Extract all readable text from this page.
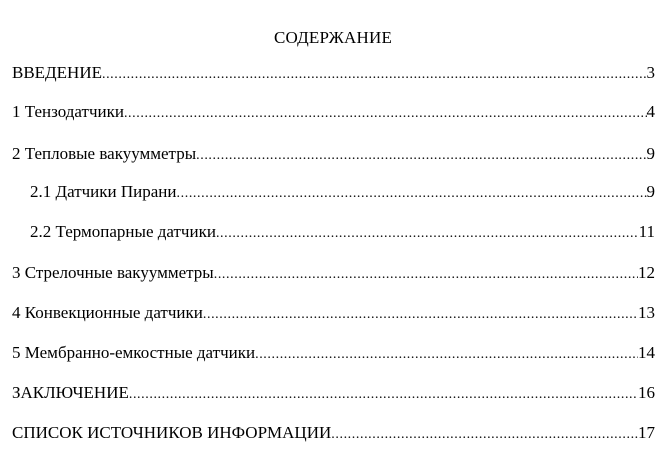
СОДЕРЖАНИЕ
ВВЕДЕНИЕ .....	3
1 Тензодатчики .....	4
2 Тепловые вакуумметры .....	9
2.1 Датчики Пирани .....	9
2.2 Термопарные датчики .....	11
3 Стрелочные вакуумметры .....	12
4 Конвекционные датчики .....	13
5 Мембранно-емкостные датчики .....	14
ЗАКЛЮЧЕНИЕ .....	16
СПИСОК ИСТОЧНИКОВ ИНФОРМАЦИИ .....	17
